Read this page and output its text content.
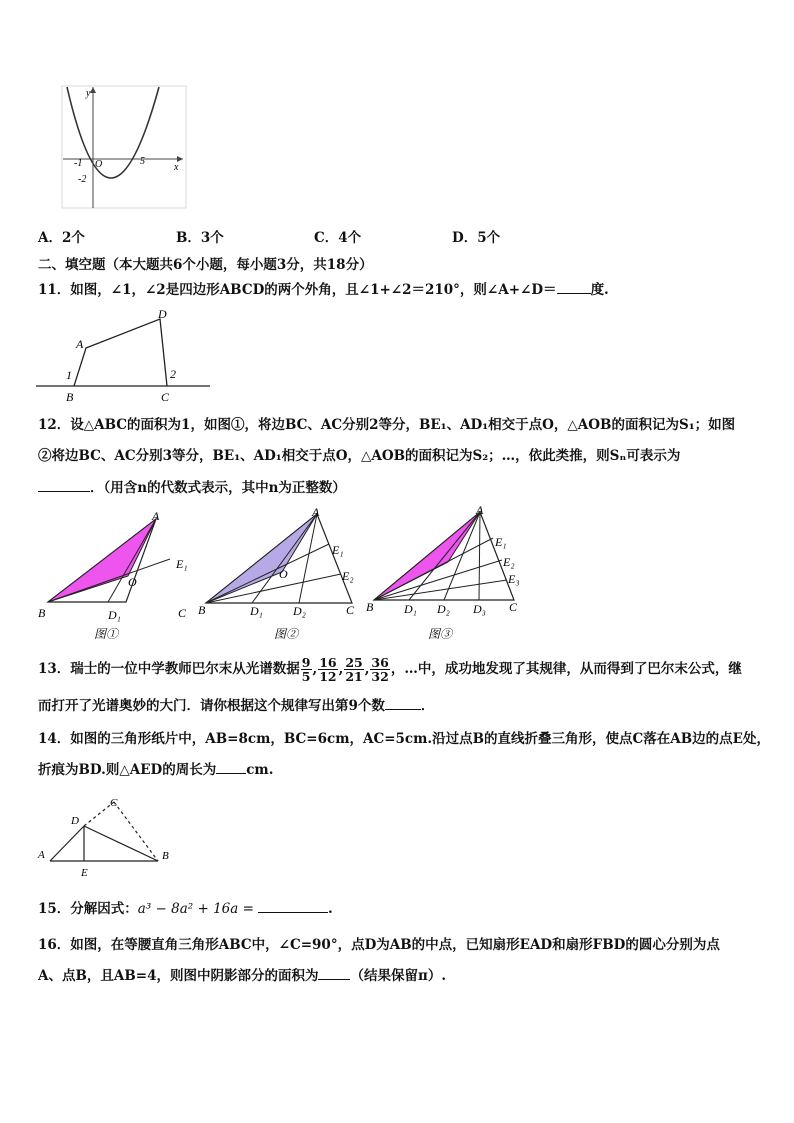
y
x
-1 O	5
-2
A．2个	B．3个	C．4个	D．5个
二、填空题（本大题共6个小题，每小题3分，共18分）
11．如图，∠1，∠2是四边形ABCD的两个外角，且∠1+∠2＝210°，则∠A+∠D＝	度.
A
D
B	C
1	2
12．设△ABC的面积为1，如图①，将边BC、AC分别2等分，BE₁、AD₁相交于点O，△AOB的面积记为S₁；如图
②将边BC、AC分别3等分，BE₁、AD₁相交于点O，△AOB的面积记为S₂；…，依此类推，则Sₙ可表示为
．（用含n的代数式表示，其中n为正整数）
A
B	C
O
E₁
D₁
图①
A
B	C
O
E₁
E₂
D₁	D₂
图②
A
B	C
E₁
E₂
E₃
D₁ D₂ D₃
图③
13．瑞士的一位中学教师巴尔末从光谱数据 $\frac{9}{5}$ , $\frac{16}{12}$ , $\frac{25}{21}$ , $\frac{36}{32}$ ，…中，成功地发现了其规律，从而得到了巴尔末公式，继
而打开了光谱奥妙的大门．请你根据这个规律写出第9个数	．
14．如图的三角形纸片中，AB=8cm，BC=6cm，AC=5cm.沿过点B的直线折叠三角形，使点C落在AB边的点E处，
折痕为BD.则△AED的周长为 cm.
A	B
C
D
E
15．分解因式：a³ − 8a² + 16a =	.
16．如图，在等腰直角三角形ABC中，∠C=90°，点D为AB的中点，已知扇形EAD和扇形FBD的圆心分别为点
A、点B，且AB=4，则图中阴影部分的面积为 （结果保留π）.
